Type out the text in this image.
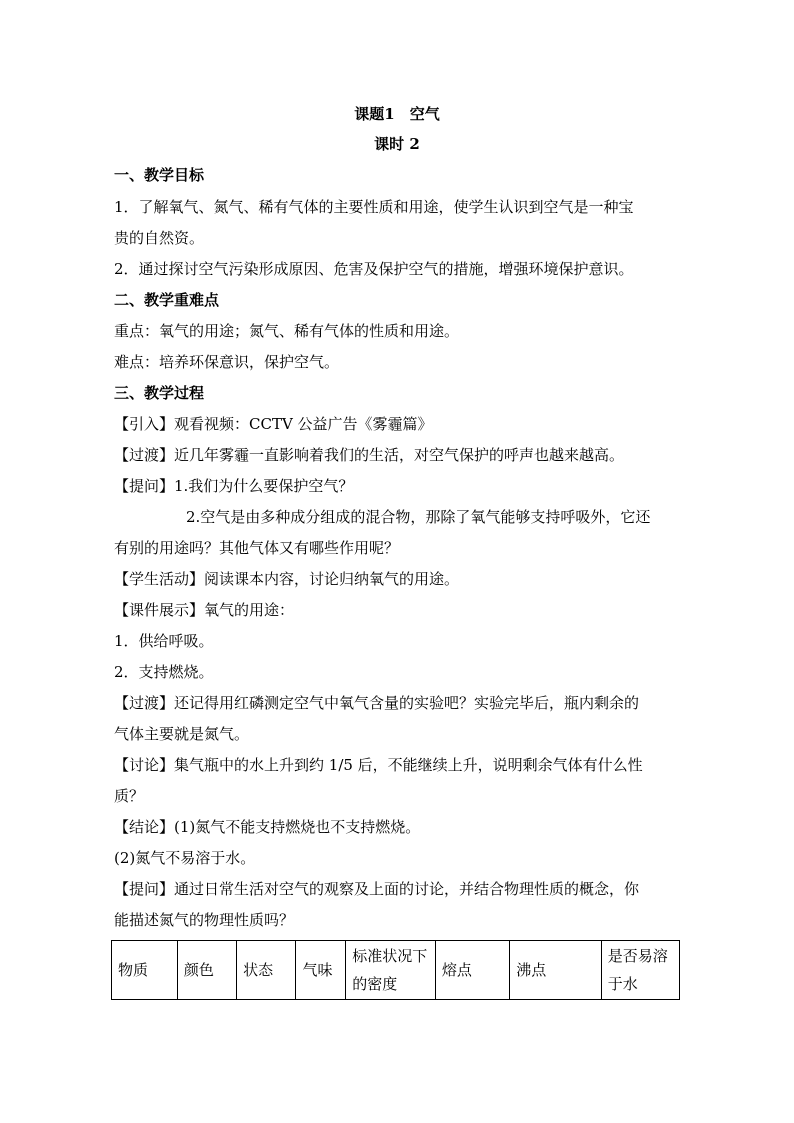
课题1　空气
课时 2
一、教学目标
1．了解氧气、氮气、稀有气体的主要性质和用途，使学生认识到空气是一种宝
贵的自然资。
2．通过探讨空气污染形成原因、危害及保护空气的措施，增强环境保护意识。
二、教学重难点
重点：氧气的用途；氮气、稀有气体的性质和用途。
难点：培养环保意识，保护空气。
三、教学过程
【引入】观看视频：CCTV 公益广告《雾霾篇》
【过渡】近几年雾霾一直影响着我们的生活，对空气保护的呼声也越来越高。
【提问】1.我们为什么要保护空气？
2.空气是由多种成分组成的混合物，那除了氧气能够支持呼吸外，它还
有别的用途吗？其他气体又有哪些作用呢？
【学生活动】阅读课本内容，讨论归纳氧气的用途。
【课件展示】氧气的用途：
1．供给呼吸。
2．支持燃烧。
【过渡】还记得用红磷测定空气中氧气含量的实验吧？实验完毕后，瓶内剩余的
气体主要就是氮气。
【讨论】集气瓶中的水上升到约 1/5 后，不能继续上升，说明剩余气体有什么性
质？
【结论】(1)氮气不能支持燃烧也不支持燃烧。
(2)氮气不易溶于水。
【提问】通过日常生活对空气的观察及上面的讨论，并结合物理性质的概念，你
能描述氮气的物理性质吗？
物质	颜色	状态	气味	标准状况下的密度	熔点	沸点	是否易溶于水
